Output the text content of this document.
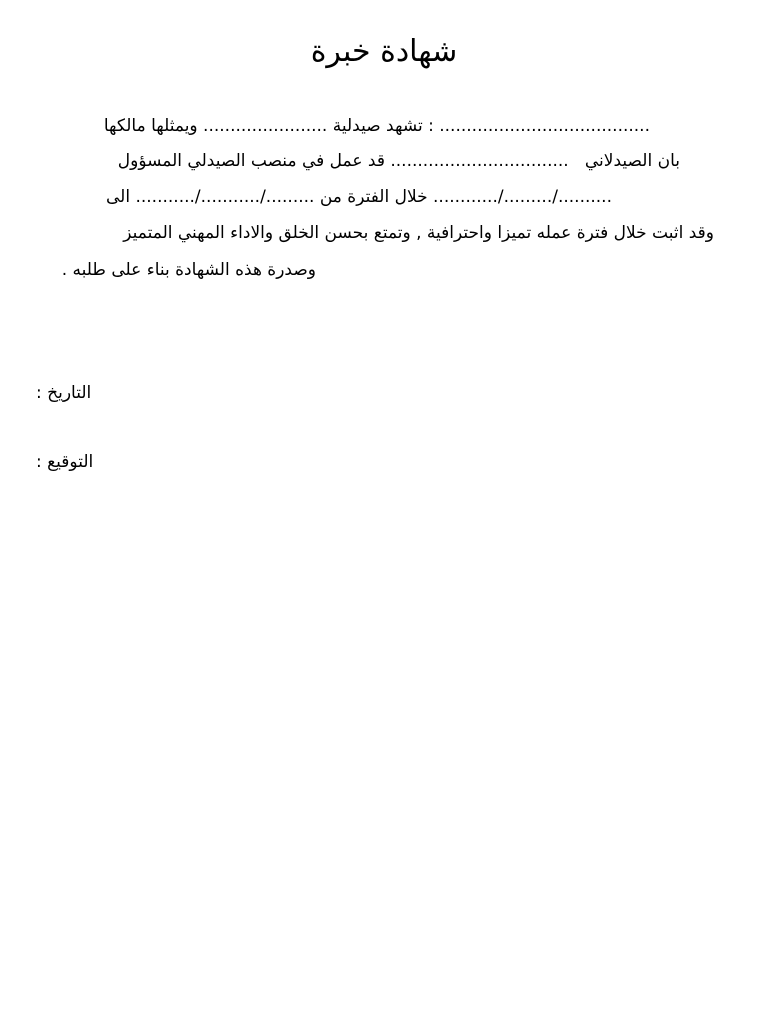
شهادة خبرة
....................................... : تشهد صيدلية ....................... ويمثلها مالكها
بان الصيدلاني   ................................. قد عمل في منصب الصيدلي المسؤول
........../........./............ خلال الفترة من ........./.........../........... الى
وقد اثبت خلال فترة عمله تميزا واحترافية , وتمتع بحسن الخلق والاداء المهني المتميز
وصدرة هذه الشهادة بناء على طلبه .
التاريخ :
التوقيع :
